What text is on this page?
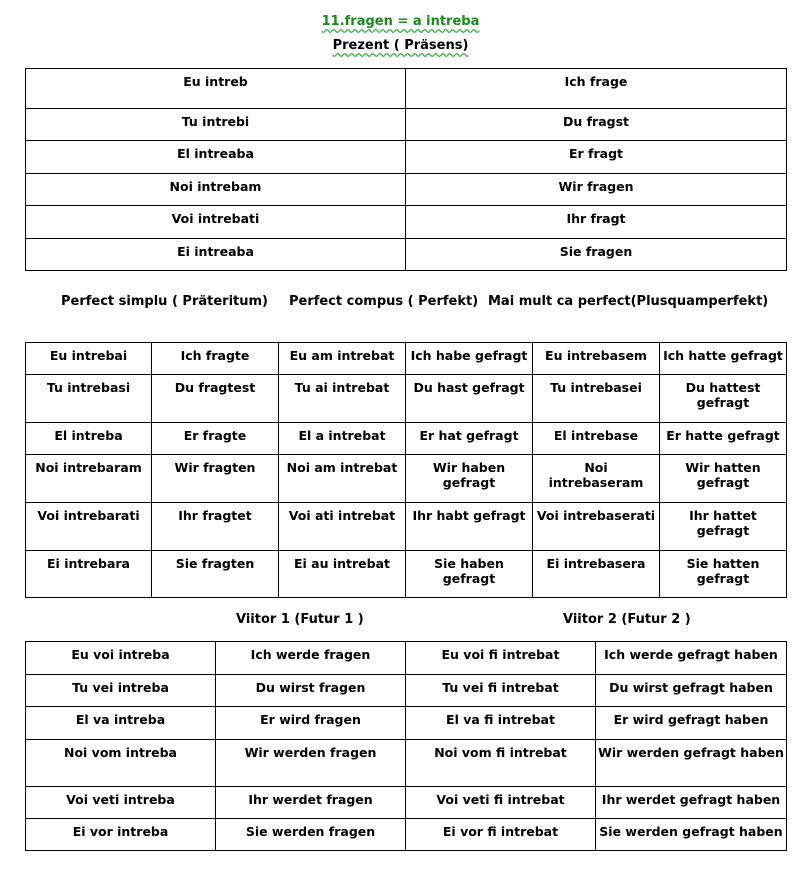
11.fragen = a intreba
Prezent ( Präsens)
Eu intreb	Ich frage
Tu intrebi	Du fragst
El intreaba	Er fragt
Noi intrebam	Wir fragen
Voi intrebati	Ihr fragt
Ei intreaba	Sie fragen
Perfect simplu ( Präteritum) Perfect compus ( Perfekt) Mai mult ca perfect(Plusquamperfekt)
Eu intrebai	Ich fragte	Eu am intrebat	Ich habe gefragt	Eu intrebasem	Ich hatte gefragt
Tu intrebasi	Du fragtest	Tu ai intrebat	Du hast gefragt	Tu intrebasei	Du hattest gefragt
El intreba	Er fragte	El a intrebat	Er hat gefragt	El intrebase	Er hatte gefragt
Noi intrebaram	Wir fragten	Noi am intrebat	Wir haben gefragt	Noi intrebaseram	Wir hatten gefragt
Voi intrebarati	Ihr fragtet	Voi ati intrebat	Ihr habt gefragt	Voi intrebaserati	Ihr hattet gefragt
Ei intrebara	Sie fragten	Ei au intrebat	Sie haben gefragt	Ei intrebasera	Sie hatten gefragt
Viitor 1 (Futur 1 )	Viitor 2 (Futur 2 )
Eu voi intreba	Ich werde fragen	Eu voi fi intrebat	Ich werde gefragt haben
Tu vei intreba	Du wirst fragen	Tu vei fi intrebat	Du wirst gefragt haben
El va intreba	Er wird fragen	El va fi intrebat	Er wird gefragt haben
Noi vom intreba	Wir werden fragen	Noi vom fi intrebat	Wir werden gefragt haben
Voi veti intreba	Ihr werdet fragen	Voi veti fi intrebat	Ihr werdet gefragt haben
Ei vor intreba	Sie werden fragen	Ei vor fi intrebat	Sie werden gefragt haben
